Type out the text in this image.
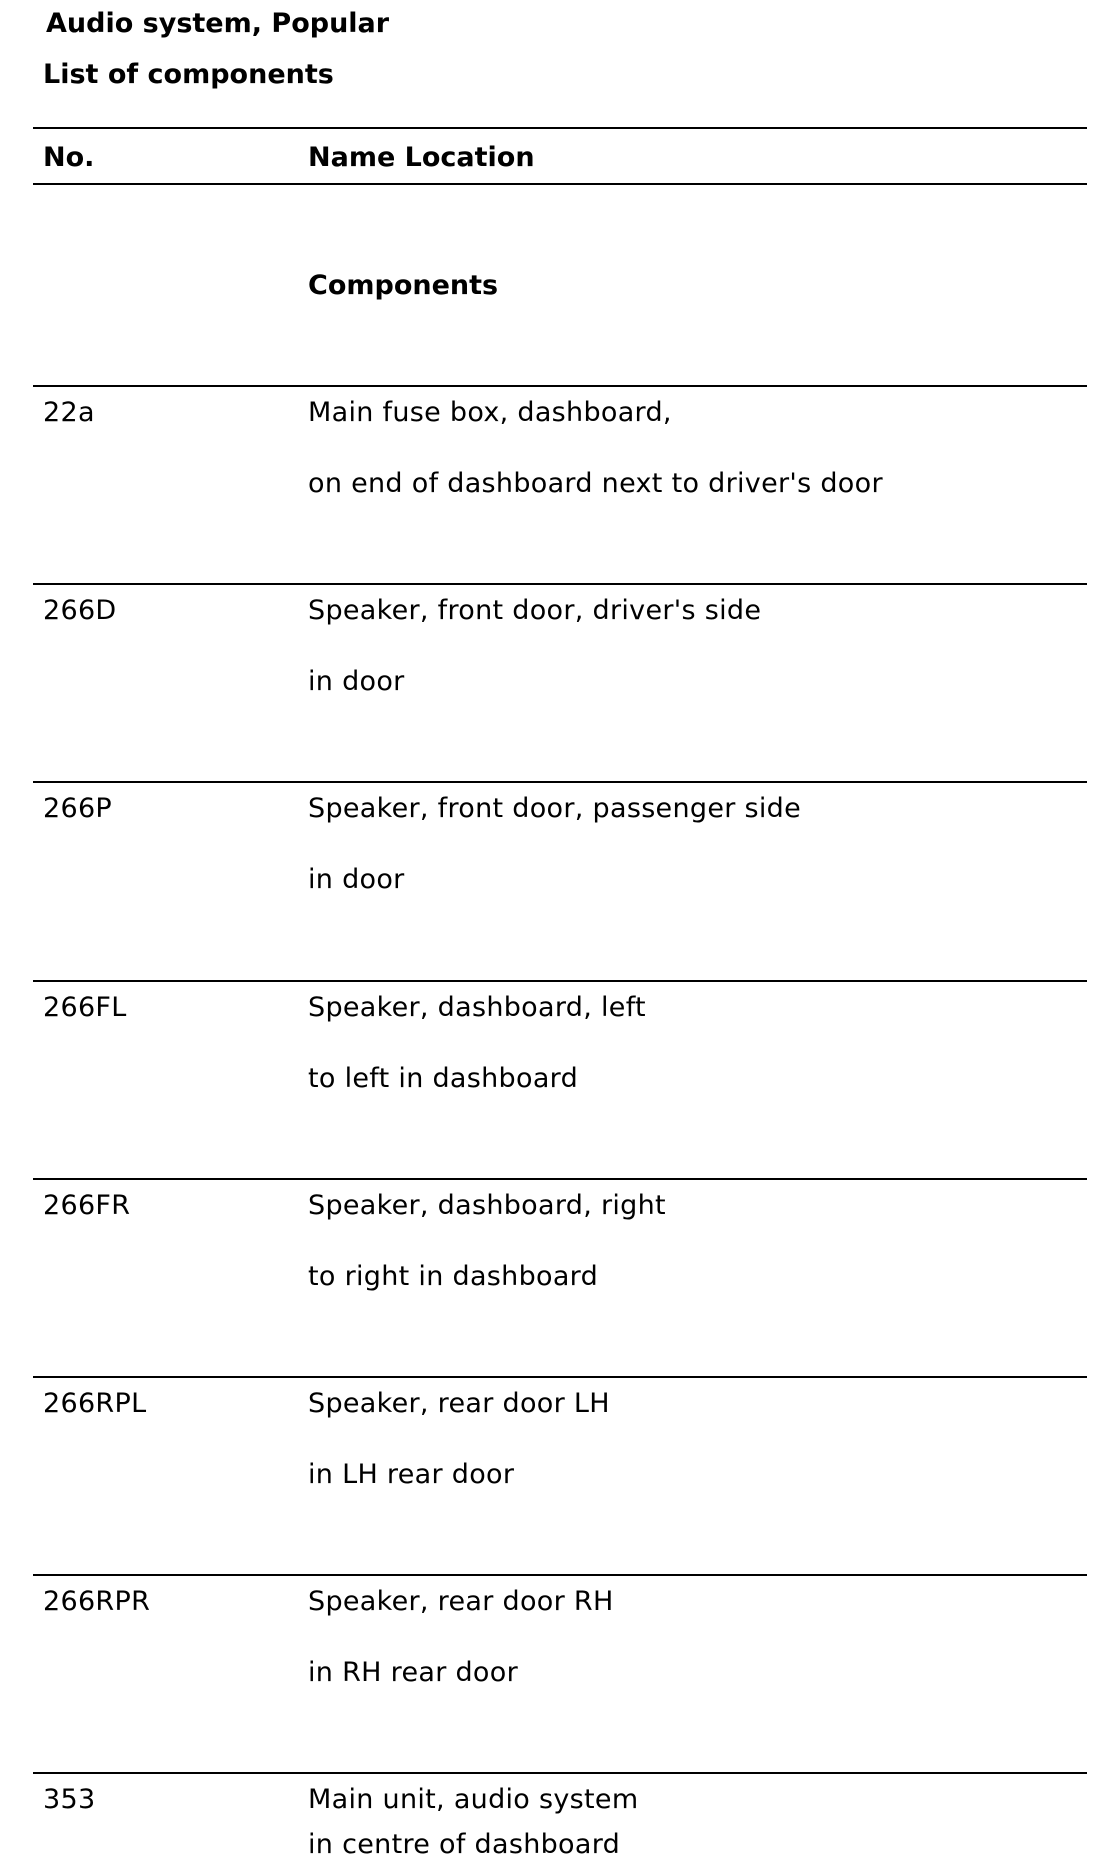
Audio system, Popular
List of components
No.	Name Location
Components
22a	Main fuse box, dashboard,
on end of dashboard next to driver's door
266D	Speaker, front door, driver's side
in door
266P	Speaker, front door, passenger side
in door
266FL	Speaker, dashboard, left
to left in dashboard
266FR	Speaker, dashboard, right
to right in dashboard
266RPL	Speaker, rear door LH
in LH rear door
266RPR	Speaker, rear door RH
in RH rear door
353	Main unit, audio system
in centre of dashboard
